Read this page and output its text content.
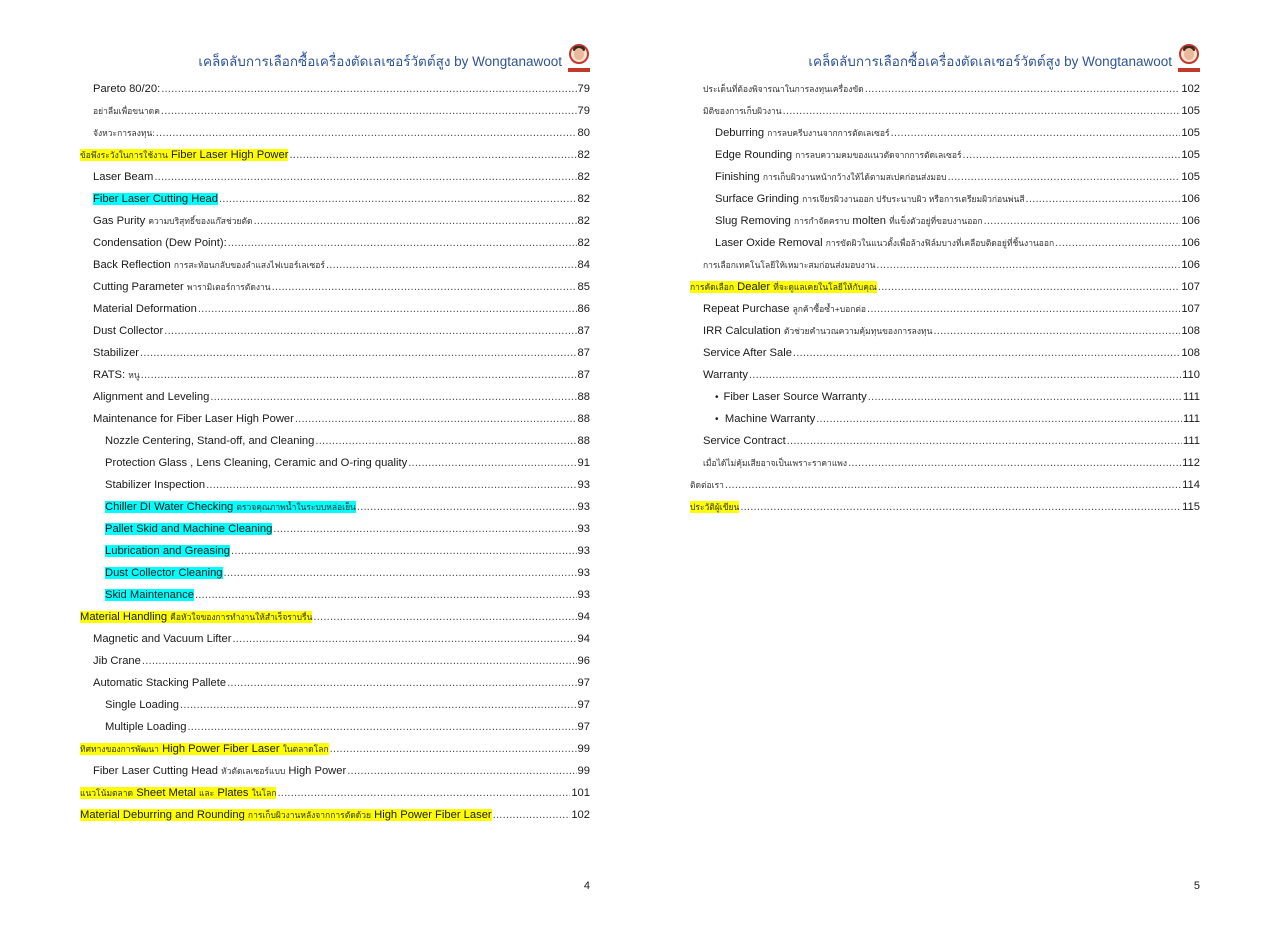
เคล็ดลับการเลือกซื้อเครื่องตัดเลเซอร์วัตต์สูง by Wongtanawoot
Pareto 80/20: .....	79
อย่าลืมเพื่อขนาดค .....	79
จังหวะการลงทุน: .....	80
ข้อพึงระวังในการใช้งาน Fiber Laser High Power .....	82
Laser Beam .....	82
Fiber Laser Cutting Head .....	82
Gas Purity ความบริสุทธิ์ของแก๊สช่วยตัด .....	82
Condensation (Dew Point): .....	82
Back Reflection การสะท้อนกลับของลำแสงไฟเบอร์เลเซอร์ .....	84
Cutting Parameter พารามิเตอร์การตัดงาน .....	85
Material Deformation .....	86
Dust Collector .....	87
Stabilizer .....	87
RATS: หนู .....	87
Alignment and Leveling .....	88
Maintenance for Fiber Laser High Power .....	88
Nozzle Centering, Stand-off, and Cleaning .....	88
Protection Glass , Lens Cleaning, Ceramic and O-ring quality .....	91
Stabilizer Inspection .....	93
Chiller DI Water Checking ตรวจคุณภาพน้ำในระบบหล่อเย็น .....	93
Pallet Skid and Machine Cleaning .....	93
Lubrication and Greasing .....	93
Dust Collector Cleaning .....	93
Skid Maintenance .....	93
Material Handling คือหัวใจของการทำงานให้สำเร็จราบรื่น .....	94
Magnetic and Vacuum Lifter .....	94
Jib Crane .....	96
Automatic Stacking Pallete .....	97
Single Loading .....	97
Multiple Loading .....	97
ทิศทางของการพัฒนา High Power Fiber Laser ในตลาดโลก .....	99
Fiber Laser Cutting Head หัวตัดเลเซอร์แบบ High Power .....	99
แนวโน้มตลาด Sheet Metal และ Plates ในโลก .....	101
Material Deburring and Rounding การเก็บผิวงานหลังจากการตัดด้วย High Power Fiber Laser .....	102
4
เคล็ดลับการเลือกซื้อเครื่องตัดเลเซอร์วัตต์สูง by Wongtanawoot
ประเด็นที่ต้องพิจารณาในการลงทุนเครื่องขัด .....	102
มิติของการเก็บผิวงาน .....	105
Deburring การลบครีบงานจากการตัดเลเซอร์ .....	105
Edge Rounding การลบความคมของแนวตัดจากการตัดเลเซอร์ .....	105
Finishing การเก็บผิวงานหน้ากว้างให้ได้ตามสเปคก่อนส่งมอบ .....	105
Surface Grinding การเจียรผิวงานออก ปรับระนาบผิว หรือการเตรียมผิวก่อนพ่นสี .....	106
Slug Removing การกำจัดคราบ molten ที่แข็งตัวอยู่ที่ขอบงานออก .....	106
Laser Oxide Removal การขัดผิวในแนวตั้งเพื่อล้างฟิล์มบางที่เคลือบติดอยู่ที่ชิ้นงานออก .....	106
การเลือกเทคโนโลยีให้เหมาะสมก่อนส่งมอบงาน .....	106
การคัดเลือก Dealer ที่จะดูแลเคยในโลยีให้กับคุณ .....	107
Repeat Purchase ลูกค้าซื้อซ้ำ+บอกต่อ .....	107
IRR Calculation ตัวช่วยคำนวณความคุ้มทุนของการลงทุน .....	108
Service After Sale .....	108
Warranty .....	110
• Fiber Laser Source Warranty .....	111
• Machine Warranty .....	111
Service Contract .....	111
เมื่อได้ไม่คุ้มเสียอาจเป็นเพราะราคาแพง .....	112
ติดต่อเรา .....	114
ประวัติผู้เขียน .....	115
5
